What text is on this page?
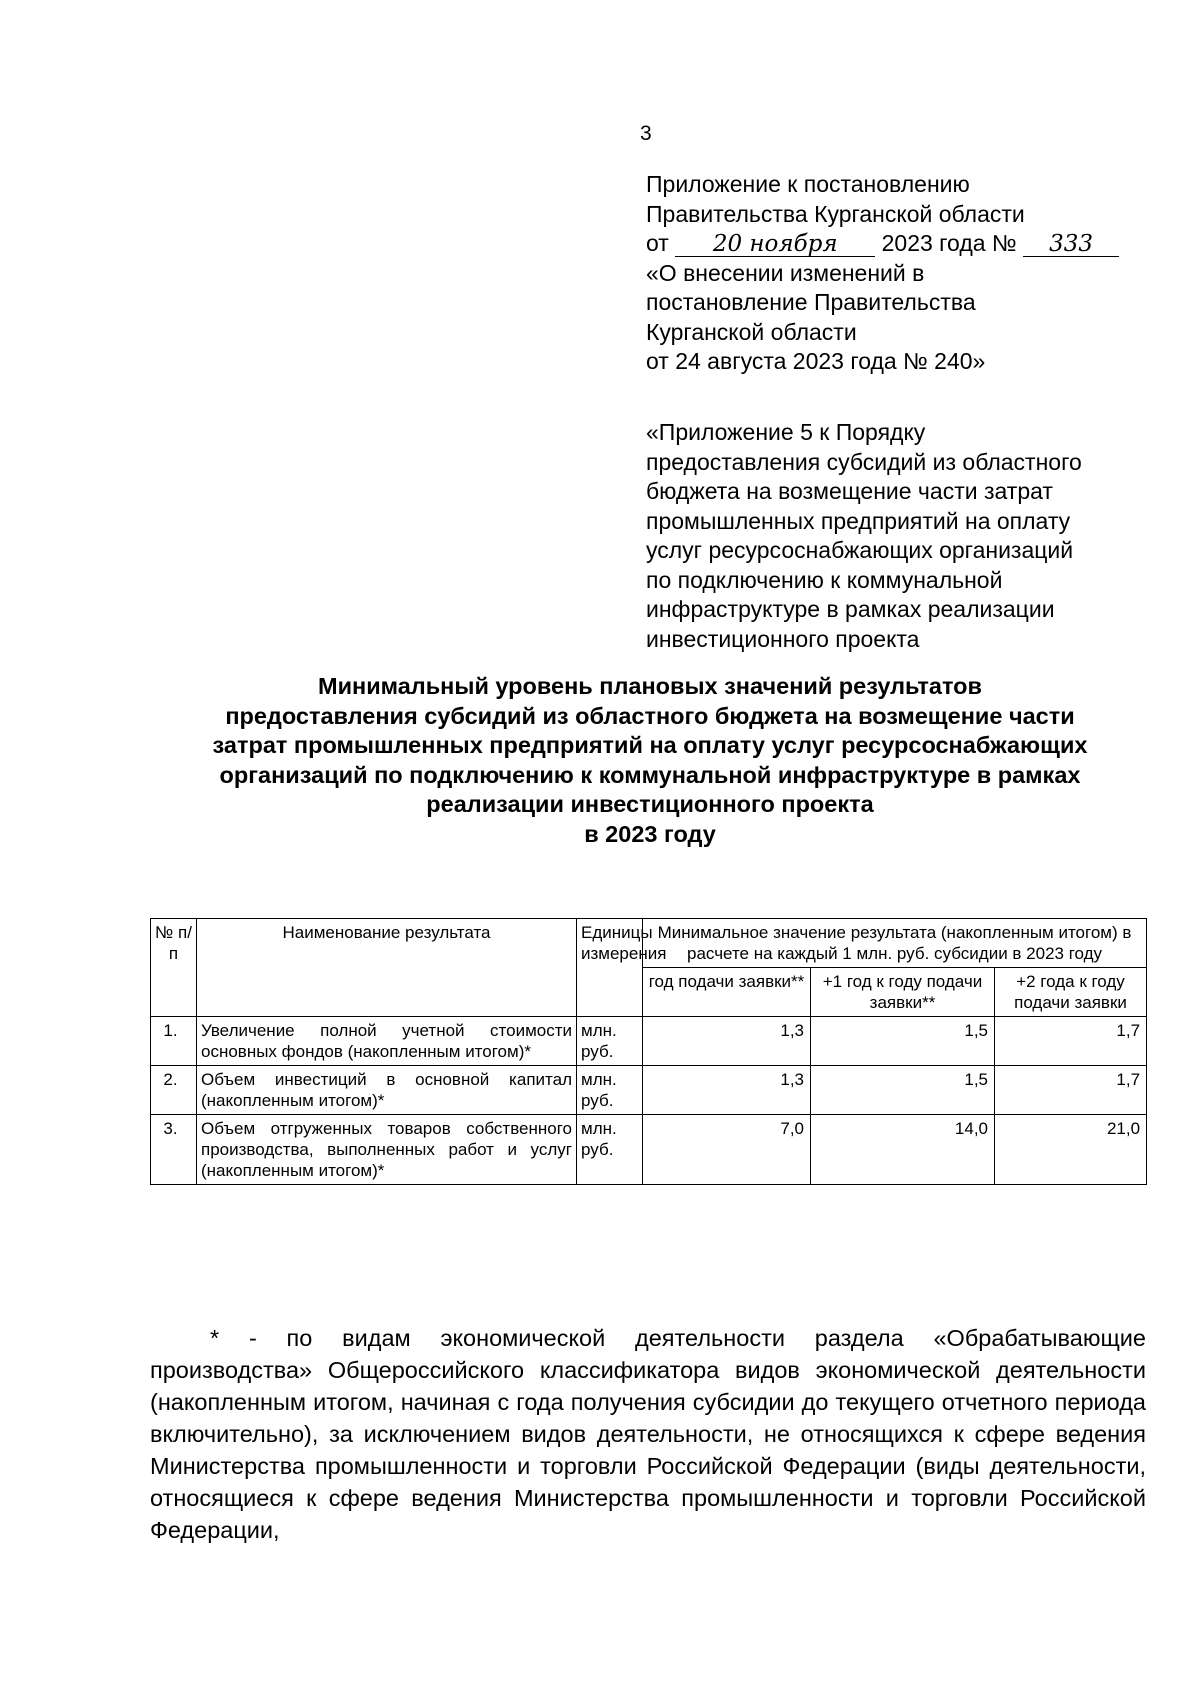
3
Приложение к постановлению
Правительства Курганской области
от 20 ноября 2023 года № 333
«О внесении изменений в
постановление Правительства
Курганской области
от 24 августа 2023 года № 240»
«Приложение 5 к Порядку
предоставления субсидий из областного
бюджета на возмещение части затрат
промышленных предприятий на оплату
услуг ресурсоснабжающих организаций
по подключению к коммунальной
инфраструктуре в рамках реализации
инвестиционного проекта
Минимальный уровень плановых значений результатов
предоставления субсидий из областного бюджета на возмещение части
затрат промышленных предприятий на оплату услуг ресурсоснабжающих
организаций по подключению к коммунальной инфраструктуре в рамках
реализации инвестиционного проекта
в 2023 году
№ п/п	Наименование результата	Единицы измерения	Минимальное значение результата (накопленным итогом) в расчете на каждый 1 млн. руб. субсидии в 2023 году		
			год подачи заявки**	+1 год к году подачи заявки**	+2 года к году подачи заявки
1.	Увеличение полной учетной стоимости основных фондов (накопленным итогом)*	млн. руб.	1,3	1,5	1,7
2.	Объем инвестиций в основной капитал (накопленным итогом)*	млн. руб.	1,3	1,5	1,7
3.	Объем отгруженных товаров собственного производства, выполненных работ и услуг (накопленным итогом)*	млн. руб.	7,0	14,0	21,0
* - по видам экономической деятельности раздела «Обрабатывающие производства» Общероссийского классификатора видов экономической деятельности (накопленным итогом, начиная с года получения субсидии до текущего отчетного периода включительно), за исключением видов деятельности, не относящихся к сфере ведения Министерства промышленности и торговли Российской Федерации (виды деятельности, относящиеся к сфере ведения Министерства промышленности и торговли Российской Федерации,
